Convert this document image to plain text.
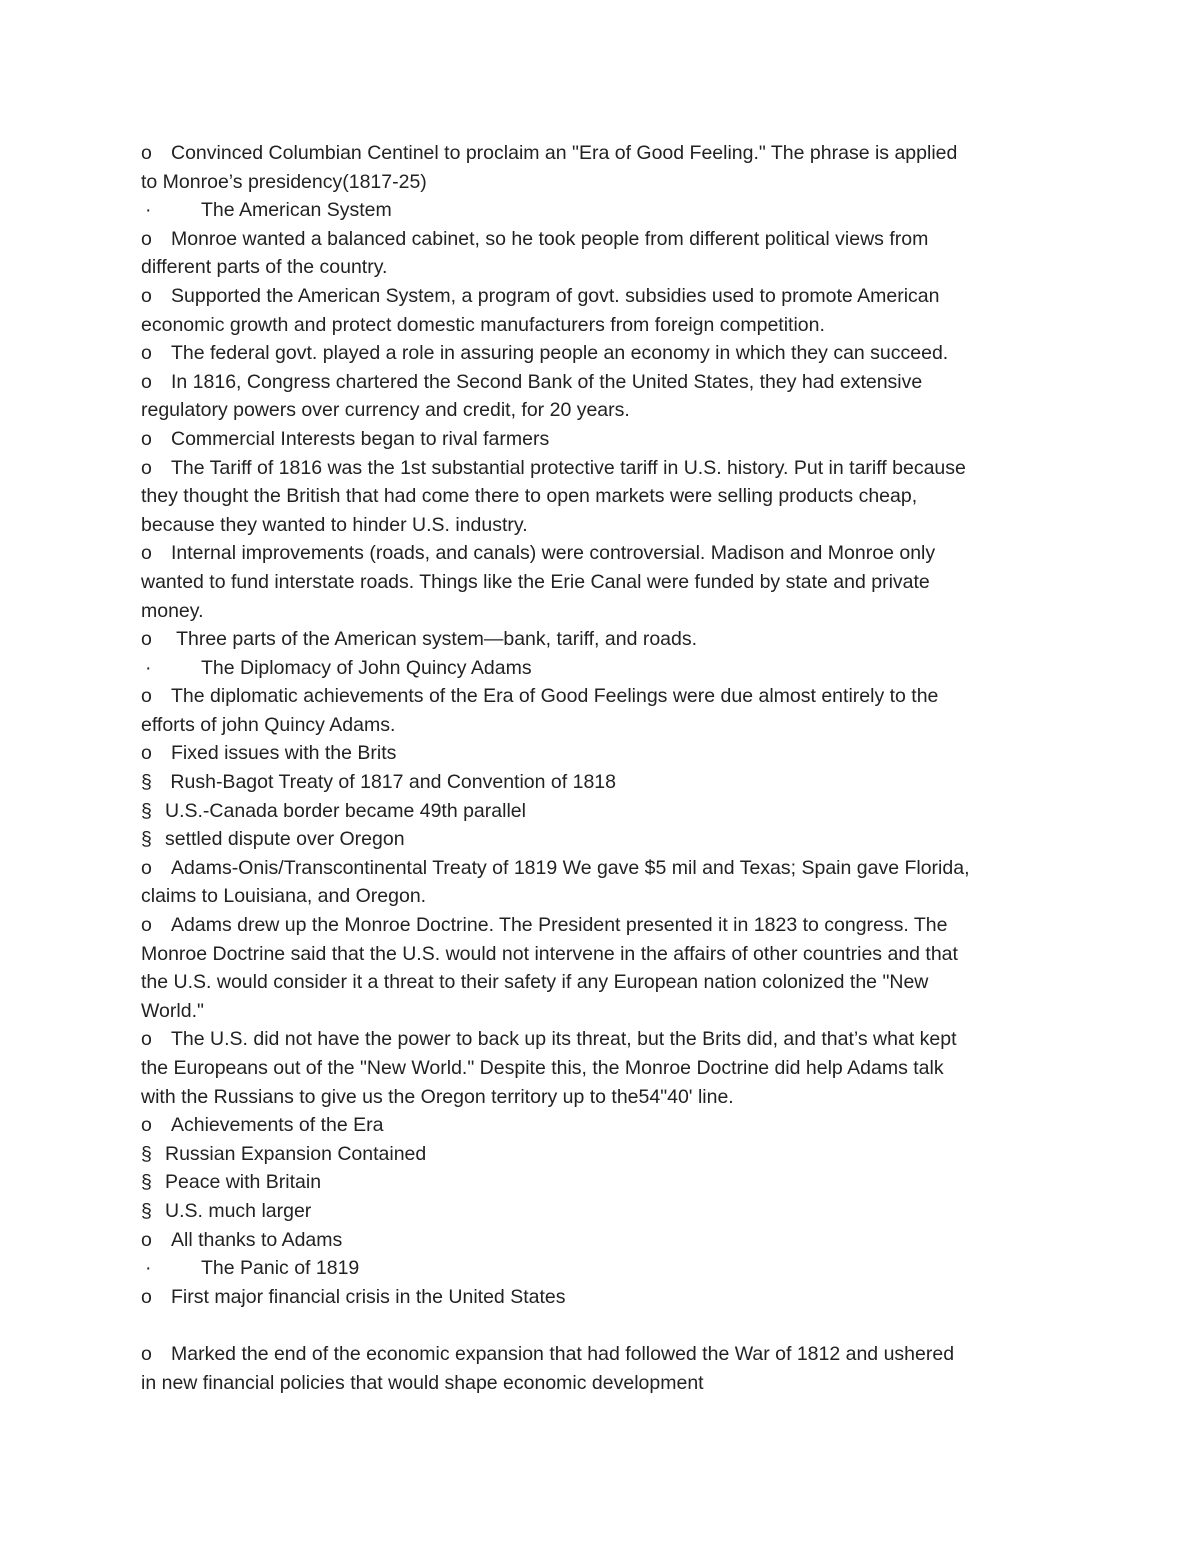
o Convinced Columbian Centinel to proclaim an "Era of Good Feeling." The phrase is applied
to Monroe’s presidency(1817-25)
·	The American System
o Monroe wanted a balanced cabinet, so he took people from different political views from
different parts of the country.
o Supported the American System, a program of govt. subsidies used to promote American
economic growth and protect domestic manufacturers from foreign competition.
o The federal govt. played a role in assuring people an economy in which they can succeed.
o In 1816, Congress chartered the Second Bank of the United States, they had extensive
regulatory powers over currency and credit, for 20 years.
o Commercial Interests began to rival farmers
o The Tariff of 1816 was the 1st substantial protective tariff in U.S. history. Put in tariff because
they thought the British that had come there to open markets were selling products cheap,
because they wanted to hinder U.S. industry.
o Internal improvements (roads, and canals) were controversial. Madison and Monroe only
wanted to fund interstate roads. Things like the Erie Canal were funded by state and private
money.
o Three parts of the American system—bank, tariff, and roads.
·	The Diplomacy of John Quincy Adams
o The diplomatic achievements of the Era of Good Feelings were due almost entirely to the
efforts of john Quincy Adams.
o Fixed issues with the Brits
§ Rush-Bagot Treaty of 1817 and Convention of 1818
§ U.S.-Canada border became 49th parallel
§ settled dispute over Oregon
o Adams-Onis/Transcontinental Treaty of 1819 We gave $5 mil and Texas; Spain gave Florida,
claims to Louisiana, and Oregon.
o Adams drew up the Monroe Doctrine. The President presented it in 1823 to congress. The
Monroe Doctrine said that the U.S. would not intervene in the affairs of other countries and that
the U.S. would consider it a threat to their safety if any European nation colonized the "New
World."
o The U.S. did not have the power to back up its threat, but the Brits did, and that’s what kept
the Europeans out of the "New World." Despite this, the Monroe Doctrine did help Adams talk
with the Russians to give us the Oregon territory up to the54"40' line.
o Achievements of the Era
§ Russian Expansion Contained
§ Peace with Britain
§ U.S. much larger
o All thanks to Adams
·	The Panic of 1819
o First major financial crisis in the United States
o Marked the end of the economic expansion that had followed the War of 1812 and ushered
in new financial policies that would shape economic development
